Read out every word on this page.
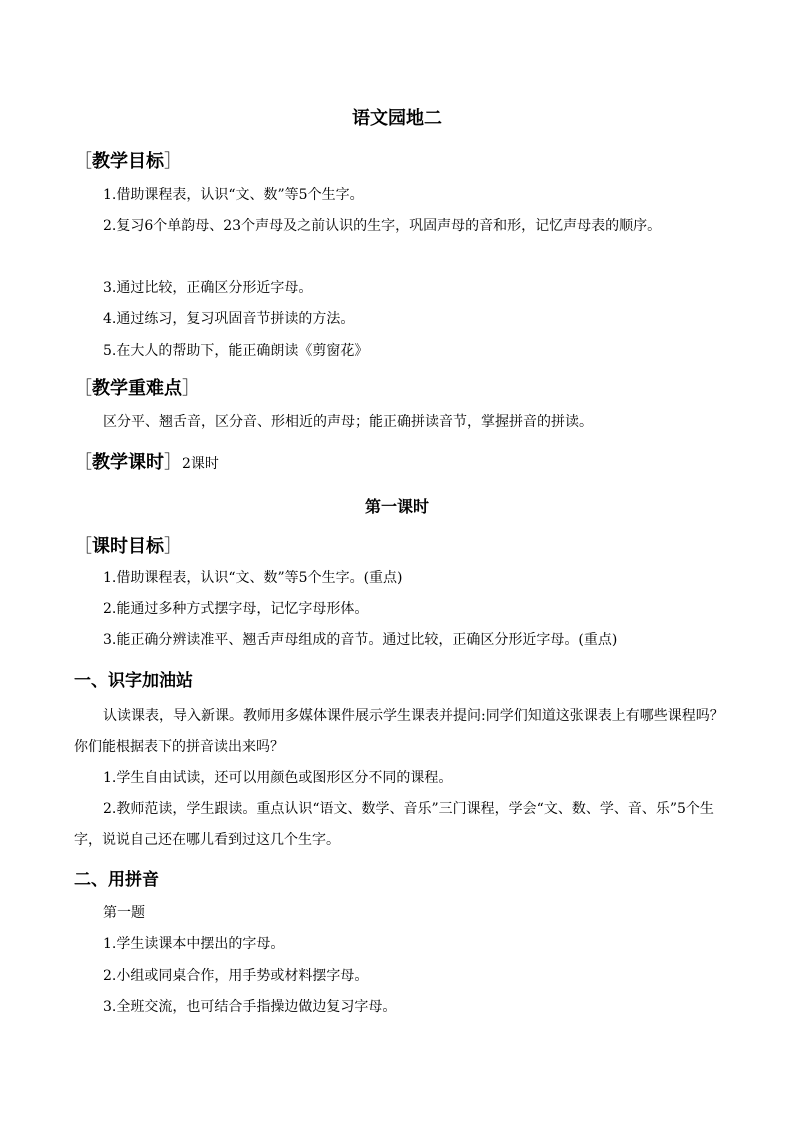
语文园地二
［教学目标］
1.借助课程表，认识“文、数”等5个生字。
2.复习6个单韵母、23个声母及之前认识的生字，巩固声母的音和形，记忆声母表的顺序。
3.通过比较，正确区分形近字母。
4.通过练习，复习巩固音节拼读的方法。
5.在大人的帮助下，能正确朗读《剪窗花》
［教学重难点］
区分平、翘舌音，区分音、形相近的声母；能正确拼读音节，掌握拼音的拼读。
［教学课时］2课时
第一课时
［课时目标］
1.借助课程表，认识“文、数”等5个生字。(重点)
2.能通过多种方式摆字母，记忆字母形体。
3.能正确分辨读准平、翘舌声母组成的音节。通过比较，正确区分形近字母。(重点)
一、识字加油站
认读课表，导入新课。教师用多媒体课件展示学生课表并提问:同学们知道这张课表上有哪些课程吗？你们能根据表下的拼音读出来吗？
1.学生自由试读，还可以用颜色或图形区分不同的课程。
2.教师范读，学生跟读。重点认识“语文、数学、音乐”三门课程，学会“文、数、学、音、乐”5个生字，说说自己还在哪儿看到过这几个生字。
二、用拼音
第一题
1.学生读课本中摆出的字母。
2.小组或同桌合作，用手势或材料摆字母。
3.全班交流，也可结合手指操边做边复习字母。
